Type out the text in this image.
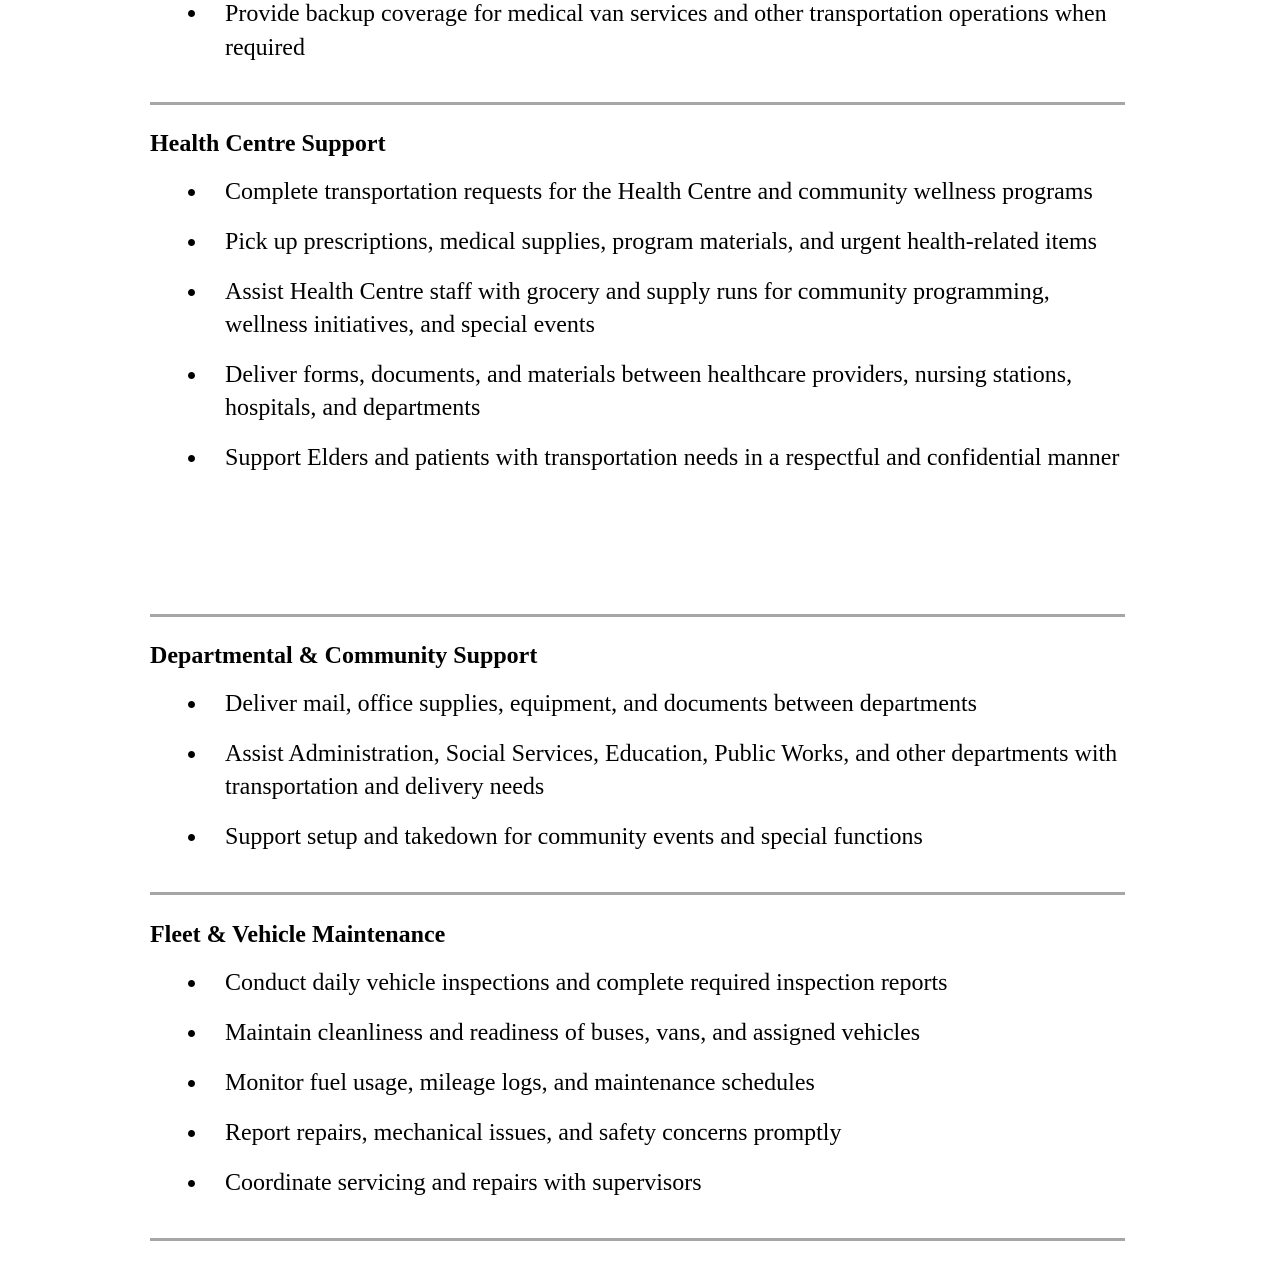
Provide backup coverage for medical van services and other transportation operations when required
Health Centre Support
Complete transportation requests for the Health Centre and community wellness programs
Pick up prescriptions, medical supplies, program materials, and urgent health-related items
Assist Health Centre staff with grocery and supply runs for community programming, wellness initiatives, and special events
Deliver forms, documents, and materials between healthcare providers, nursing stations, hospitals, and departments
Support Elders and patients with transportation needs in a respectful and confidential manner
Departmental & Community Support
Deliver mail, office supplies, equipment, and documents between departments
Assist Administration, Social Services, Education, Public Works, and other departments with transportation and delivery needs
Support setup and takedown for community events and special functions
Fleet & Vehicle Maintenance
Conduct daily vehicle inspections and complete required inspection reports
Maintain cleanliness and readiness of buses, vans, and assigned vehicles
Monitor fuel usage, mileage logs, and maintenance schedules
Report repairs, mechanical issues, and safety concerns promptly
Coordinate servicing and repairs with supervisors
